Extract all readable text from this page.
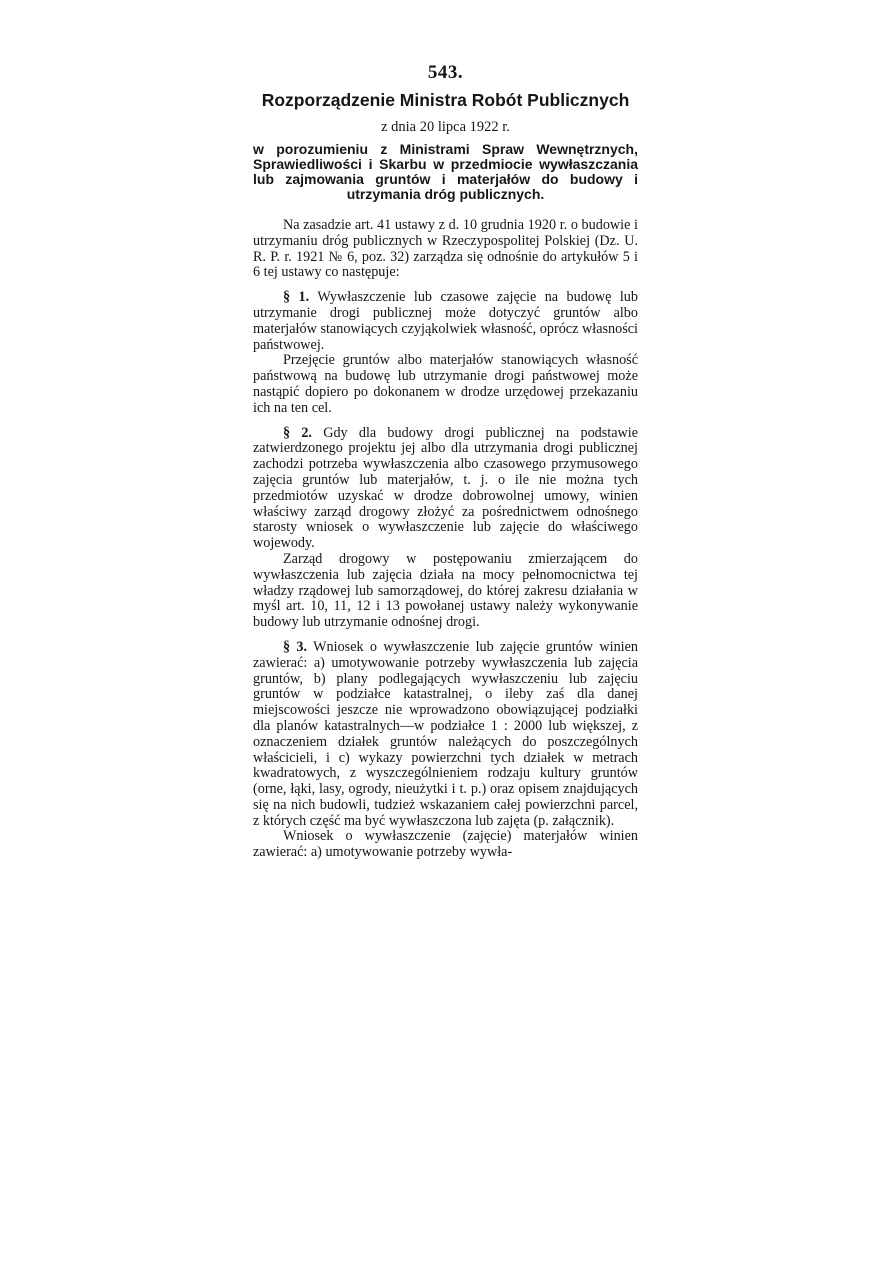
543.
Rozporządzenie Ministra Robót Publicznych
z dnia 20 lipca 1922 r.
w porozumieniu z Ministrami Spraw Wewnętrznych, Sprawiedliwości i Skarbu w przedmiocie wywłaszczania lub zajmowania gruntów i materjałów do budowy i utrzymania dróg publicznych.

Na zasadzie art. 41 ustawy z d. 10 grudnia 1920 r. o budowie i utrzymaniu dróg publicznych w Rzeczypospolitej Polskiej (Dz. U. R. P. r. 1921 № 6, poz. 32) zarządza się odnośnie do artykułów 5 i 6 tej ustawy co następuje:

§ 1. Wywłaszczenie lub czasowe zajęcie na budowę lub utrzymanie drogi publicznej może dotyczyć gruntów albo materjałów stanowiących czyjąkolwiek własność, oprócz własności państwowej.

Przejęcie gruntów albo materjałów stanowiących własność państwową na budowę lub utrzymanie drogi państwowej może nastąpić dopiero po dokonanem w drodze urzędowej przekazaniu ich na ten cel.

§ 2. Gdy dla budowy drogi publicznej na podstawie zatwierdzonego projektu jej albo dla utrzymania drogi publicznej zachodzi potrzeba wywłaszczenia albo czasowego przymusowego zajęcia gruntów lub materjałów, t. j. o ile nie można tych przedmiotów uzyskać w drodze dobrowolnej umowy, winien właściwy zarząd drogowy złożyć za pośrednictwem odnośnego starosty wniosek o wywłaszczenie lub zajęcie do właściwego wojewody.

Zarząd drogowy w postępowaniu zmierzającem do wywłaszczenia lub zajęcia działa na mocy pełnomocnictwa tej władzy rządowej lub samorządowej, do której zakresu działania w myśl art. 10, 11, 12 i 13 powołanej ustawy należy wykonywanie budowy lub utrzymanie odnośnej drogi.

§ 3. Wniosek o wywłaszczenie lub zajęcie gruntów winien zawierać: a) umotywowanie potrzeby wywłaszczenia lub zajęcia gruntów, b) plany podlegających wywłaszczeniu lub zajęciu gruntów w podziałce katastralnej, o ileby zaś dla danej miejscowości jeszcze nie wprowadzono obowiązującej podziałki dla planów katastralnych—w podziałce 1 : 2000 lub większej, z oznaczeniem działek gruntów należących do poszczególnych właścicieli, i c) wykazy powierzchni tych działek w metrach kwadratowych, z wyszczególnieniem rodzaju kultury gruntów (orne, łąki, lasy, ogrody, nieużytki i t. p.) oraz opisem znajdujących się na nich budowli, tudzież wskazaniem całej powierzchni parcel, z których część ma być wywłaszczona lub zajęta (p. załącznik).

Wniosek o wywłaszczenie (zajęcie) materjałów winien zawierać: a) umotywowanie potrzeby wywła-
